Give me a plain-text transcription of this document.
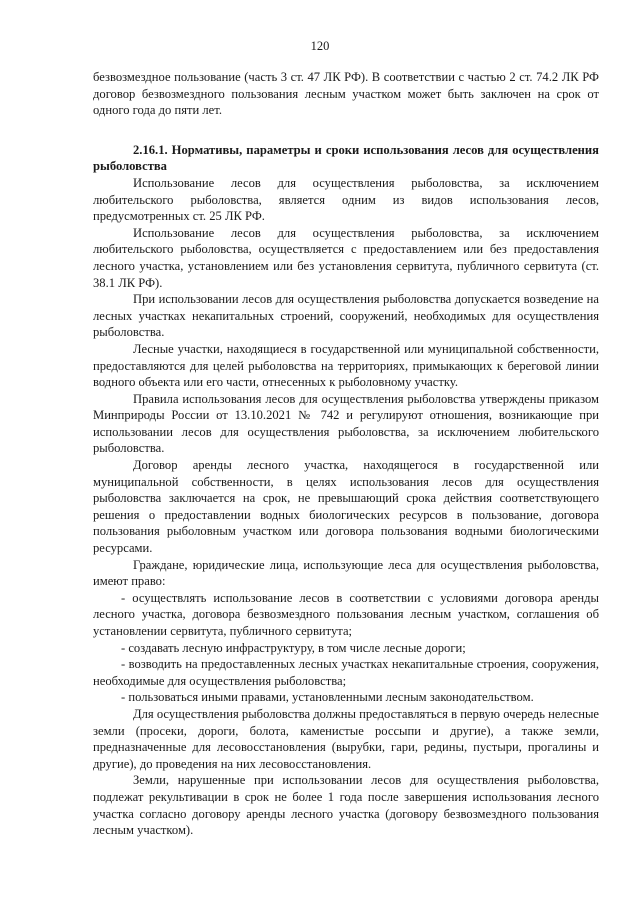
120

безвозмездное пользование (часть 3 ст. 47 ЛК РФ). В соответствии с частью 2 ст. 74.2 ЛК РФ договор безвозмездного пользования лесным участком может быть заключен на срок от одного года до пяти лет.

2.16.1. Нормативы, параметры и сроки использования лесов для осуществления рыболовства

Использование лесов для осуществления рыболовства, за исключением любительского рыболовства, является одним из видов использования лесов, предусмотренных ст. 25 ЛК РФ.

Использование лесов для осуществления рыболовства, за исключением любительского рыболовства, осуществляется с предоставлением или без предоставления лесного участка, установлением или без установления сервитута, публичного сервитута (ст. 38.1 ЛК РФ).

При использовании лесов для осуществления рыболовства допускается возведение на лесных участках некапитальных строений, сооружений, необходимых для осуществления рыболовства.

Лесные участки, находящиеся в государственной или муниципальной собственности, предоставляются для целей рыболовства на территориях, примыкающих к береговой линии водного объекта или его части, отнесенных к рыболовному участку.

Правила использования лесов для осуществления рыболовства утверждены приказом Минприроды России от 13.10.2021 № 742 и регулируют отношения, возникающие при использовании лесов для осуществления рыболовства, за исключением любительского рыболовства.

Договор аренды лесного участка, находящегося в государственной или муниципальной собственности, в целях использования лесов для осуществления рыболовства заключается на срок, не превышающий срока действия соответствующего решения о предоставлении водных биологических ресурсов в пользование, договора пользования рыболовным участком или договора пользования водными биологическими ресурсами.

Граждане, юридические лица, использующие леса для осуществления рыболовства, имеют право:

- осуществлять использование лесов в соответствии с условиями договора аренды лесного участка, договора безвозмездного пользования лесным участком, соглашения об установлении сервитута, публичного сервитута;

- создавать лесную инфраструктуру, в том числе лесные дороги;

- возводить на предоставленных лесных участках некапитальные строения, сооружения, необходимые для осуществления рыболовства;

- пользоваться иными правами, установленными лесным законодательством.

Для осуществления рыболовства должны предоставляться в первую очередь нелесные земли (просеки, дороги, болота, каменистые россыпи и другие), а также земли, предназначенные для лесовосстановления (вырубки, гари, редины, пустыри, прогалины и другие), до проведения на них лесовосстановления.

Земли, нарушенные при использовании лесов для осуществления рыболовства, подлежат рекультивации в срок не более 1 года после завершения использования лесного участка согласно договору аренды лесного участка (договору безвозмездного пользования лесным участком).
